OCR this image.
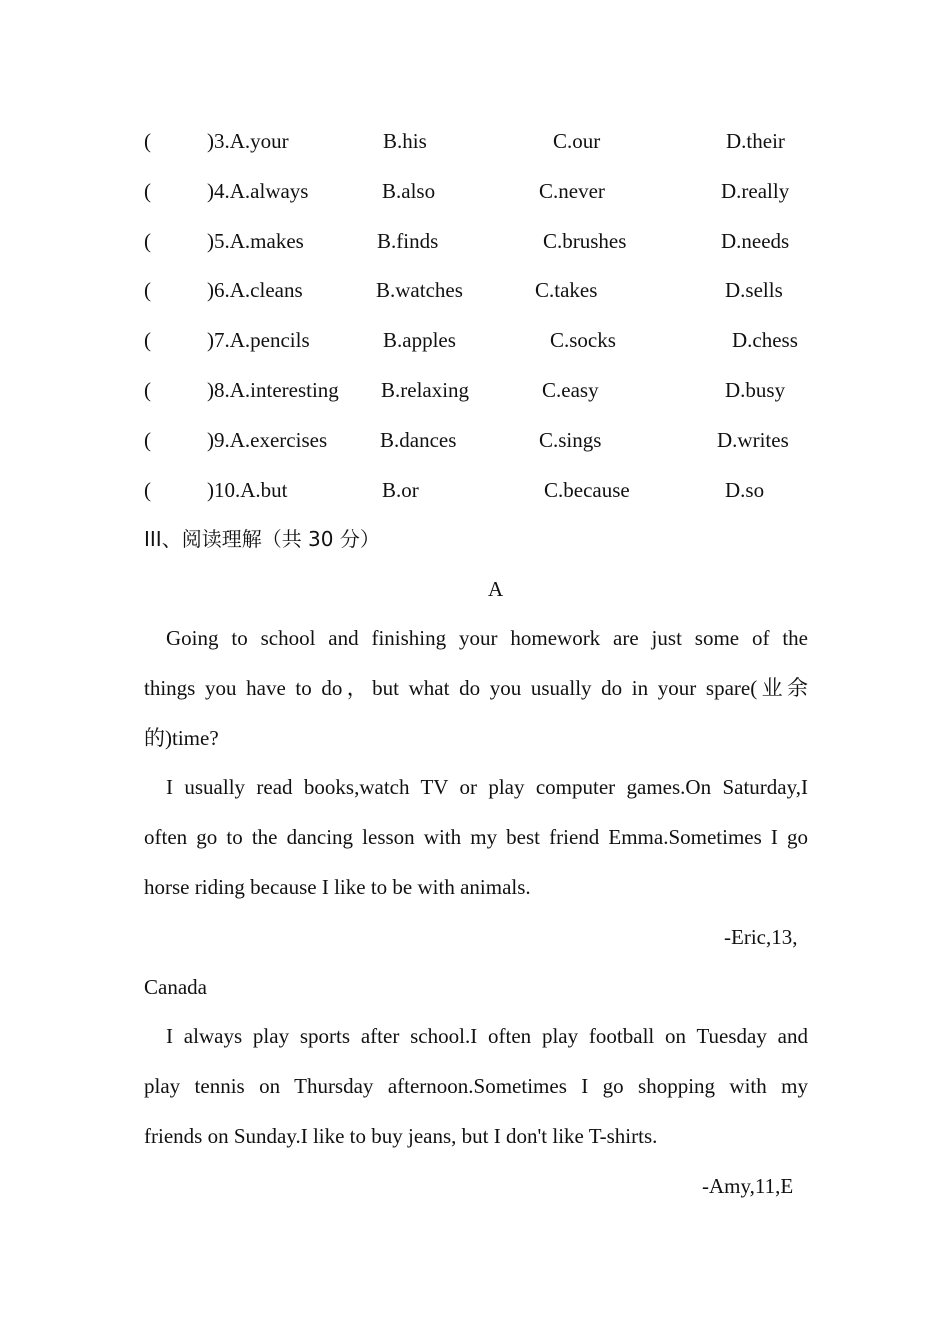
(	)3.A.your	B.his	C.our	D.their
(	)4.A.always	B.also	C.never	D.really
(	)5.A.makes	B.finds	C.brushes	D.needs
(	)6.A.cleans	B.watches	C.takes	D.sells
(	)7.A.pencils	B.apples	C.socks	D.chess
(	)8.A.interesting B.relaxing	C.easy	D.busy
(	)9.A.exercises	B.dances	C.sings	D.writes
(	)10.A.but	B.or	C.because	D.so
III、阅读理解（共 30 分）
A
Going to school and finishing your homework are just some of the
things you have to do，but what do you usually do in your spare(业余
的)time?
I usually read books,watch TV or play computer games.On Saturday,I
often go to the dancing lesson with my best friend Emma.Sometimes I go
horse riding because I like to be with animals.
-Eric,13,
Canada
I always play sports after school.I often play football on Tuesday and
play tennis on Thursday afternoon.Sometimes I go shopping with my
friends on Sunday.I like to buy jeans, but I don't like T-shirts.
-Amy,11,E
